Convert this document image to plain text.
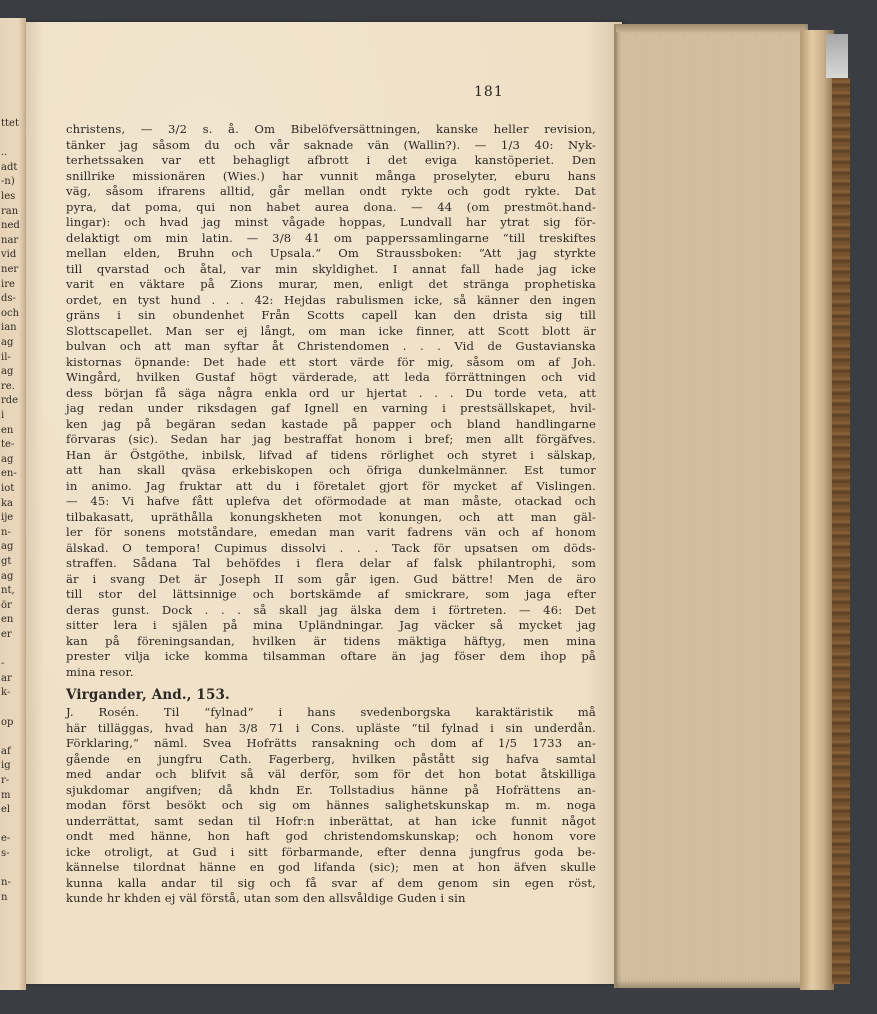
ttet
..
adt
-n)
les
ran
ned
nar
vid
ner
ire
ds-
och
ian
ag
il-
ag
re.
rde
i
en
te-
ag
en-
iot
ka
ije
n-
ag
gt
ag
nt,
ör
en
er
-
ar
k-
op
af
ig
r-
m
el
e-
s-
n-
n
181
christens, — 3/2 s. å. Om Bibelöfversättningen, kanske heller revision,
tänker jag såsom du och vår saknade vän (Wallin?). — 1/3 40: Nyk-
terhetssaken var ett behagligt afbrott i det eviga kanstöperiet. Den
snillrike missionären (Wies.) har vunnit många proselyter, eburu hans
väg, såsom ifrarens alltid, går mellan ondt rykte och godt rykte. Dat
pyra, dat poma, qui non habet aurea dona. — 44 (om prestmöt.hand-
lingar): och hvad jag minst vågade hoppas, Lundvall har ytrat sig för-
delaktigt om min latin. — 3/8 41 om papperssamlingarne “till treskiftes
mellan elden, Bruhn och Upsala.“ Om Straussboken: “Att jag styrkte
till qvarstad och åtal, var min skyldighet. I annat fall hade jag icke
varit en väktare på Zions murar, men, enligt det stränga prophetiska
ordet, en tyst hund . . . 42: Hejdas rabulismen icke, så känner den ingen
gräns i sin obundenhet Från Scotts capell kan den drista sig till
Slottscapellet. Man ser ej långt, om man icke finner, att Scott blott är
bulvan och att man syftar åt Christendomen . . . Vid de Gustavianska
kistornas öpnande: Det hade ett stort värde för mig, såsom om af Joh.
Wingård, hvilken Gustaf högt värderade, att leda förrättningen och vid
dess början få säga några enkla ord ur hjertat . . . Du torde veta, att
jag redan under riksdagen gaf Ignell en varning i prestsällskapet, hvil-
ken jag på begäran sedan kastade på papper och bland handlingarne
förvaras (sic). Sedan har jag bestraffat honom i bref; men allt förgäfves.
Han är Östgöthe, inbilsk, lifvad af tidens rörlighet och styret i sälskap,
att han skall qväsa erkebiskopen och öfriga dunkelmänner. Est tumor
in animo. Jag fruktar att du i företalet gjort för mycket af Vislingen.
— 45: Vi hafve fått uplefva det oförmodade at man måste, otackad och
tilbakasatt, upräthålla konungskheten mot konungen, och att man gäl-
ler för sonens motståndare, emedan man varit fadrens vän och af honom
älskad. O tempora! Cupimus dissolvi . . . Tack för upsatsen om döds-
straffen. Sådana Tal behöfdes i flera delar af falsk philantrophi, som
är i svang Det är Joseph II som går igen. Gud bättre! Men de äro
till stor del lättsinnige och bortskämde af smickrare, som jaga efter
deras gunst. Dock . . . så skall jag älska dem i förtreten. — 46: Det
sitter lera i själen på mina Upländningar. Jag väcker så mycket jag
kan på föreningsandan, hvilken är tidens mäktiga häftyg, men mina
prester vilja icke komma tilsamman oftare än jag föser dem ihop på
mina resor.
Virgander, And., 153.
J. Rosén. Til “fylnad“ i hans svedenborgska karaktäristik må
här tilläggas, hvad han 3/8 71 i Cons. upläste “til fylnad i sin underdån.
Förklaring,“ näml. Svea Hofrätts ransakning och dom af 1/5 1733 an-
gående en jungfru Cath. Fagerberg, hvilken påstått sig hafva samtal
med andar och blifvit så väl derför, som för det hon botat åtskilliga
sjukdomar angifven; då khdn Er. Tollstadius hänne på Hofrättens an-
modan först besökt och sig om hännes salighetskunskap m. m. noga
underrättat, samt sedan til Hofr:n inberättat, at han icke funnit något
ondt med hänne, hon haft god christendomskunskap; och honom vore
icke otroligt, at Gud i sitt förbarmande, efter denna jungfrus goda be-
kännelse tilordnat hänne en god lifanda (sic); men at hon äfven skulle
kunna kalla andar til sig och få svar af dem genom sin egen röst,
kunde hr khden ej väl förstå, utan som den allsvåldige Guden i sin
